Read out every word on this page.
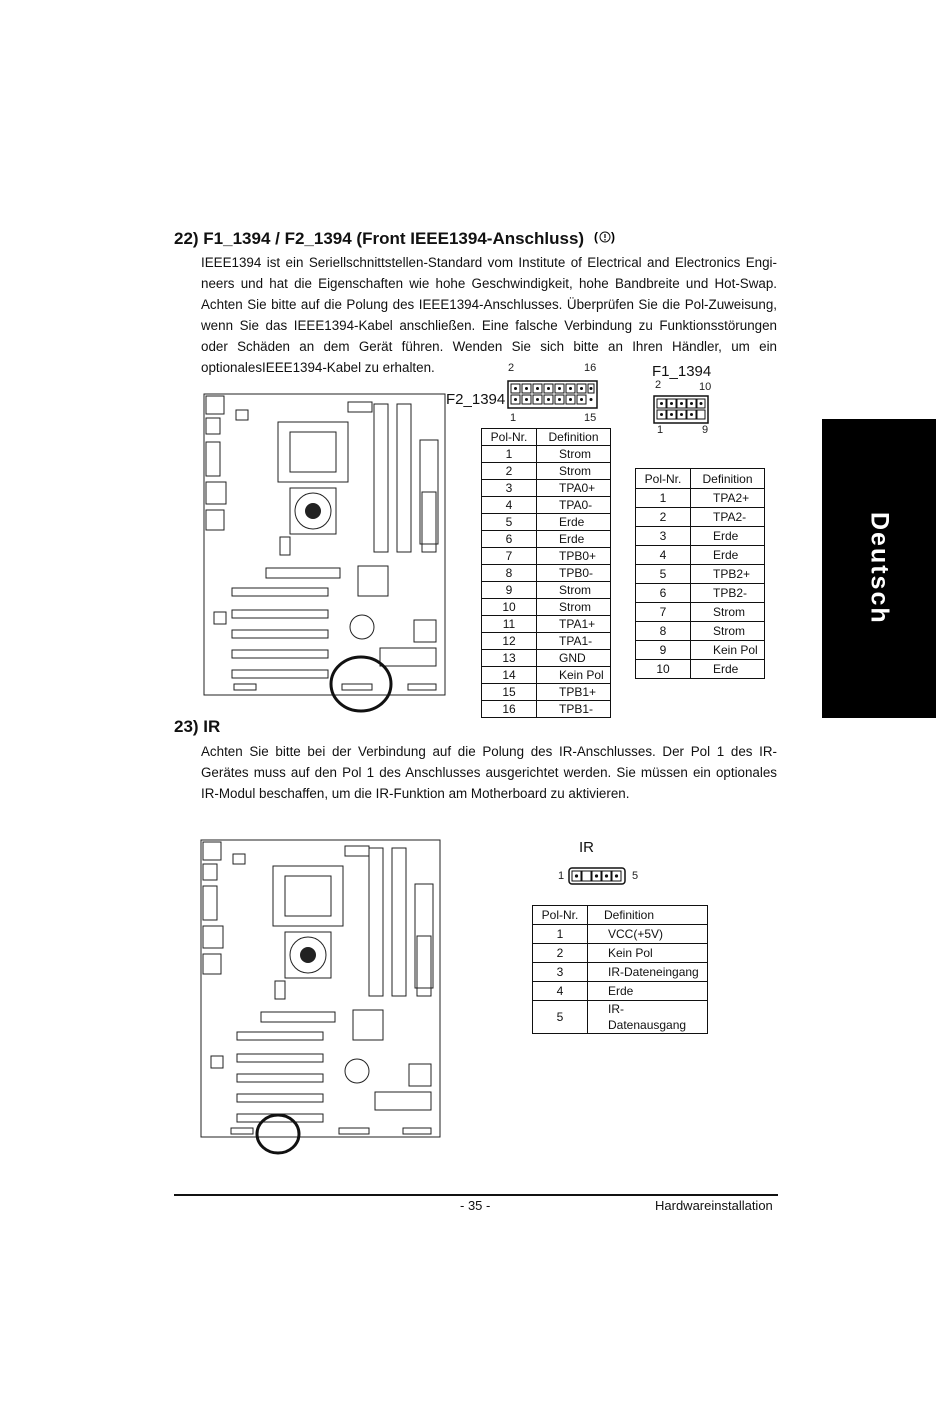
22) F1_1394 / F2_1394 (Front IEEE1394-Anschluss) ( )
IEEE1394 ist ein Seriellschnittstellen-Standard vom Institute of Electrical and Electronics Engi-neers und hat die Eigenschaften wie hohe Geschwindigkeit, hohe Bandbreite und Hot-Swap. Achten Sie bitte auf die Polung des IEEE1394-Anschlusses. Überprüfen Sie die Pol-Zuweisung, wenn Sie das IEEE1394-Kabel anschließen. Eine falsche Verbindung zu Funktionsstörungen oder Schäden an dem Gerät führen. Wenden Sie sich bitte an Ihren Händler, um ein optionalesIEEE1394-Kabel zu erhalten.	2	16
F2_1394
1	15
Pol-Nr.	Definition
1	Strom
2	Strom
3	TPA0+
4	TPA0-
5	Erde
6	Erde
7	TPB0+
8	TPB0-
9	Strom
10	Strom
11	TPA1+
12	TPA1-
13	GND
14	Kein Pol
15	TPB1+
16	TPB1-
F1_1394
2	10
1	9
Pol-Nr.	Definition
1	TPA2+
2	TPA2-
3	Erde
4	Erde
5	TPB2+
6	TPB2-
7	Strom
8	Strom
9	Kein Pol
10	Erde
Deutsch
23) IR
Achten Sie bitte bei der Verbindung auf die Polung des IR-Anschlusses. Der Pol 1 des IR-Gerätes muss auf den Pol 1 des Anschlusses ausgerichtet werden. Sie müssen ein optionales IR-Modul beschaffen, um die IR-Funktion am Motherboard zu aktivieren.
IR
1	5
Pol-Nr.	Definition
1	VCC(+5V)
2	Kein Pol
3	IR-Dateneingang
4	Erde
5	IR-Datenausgang
- 35 -	Hardwareinstallation
